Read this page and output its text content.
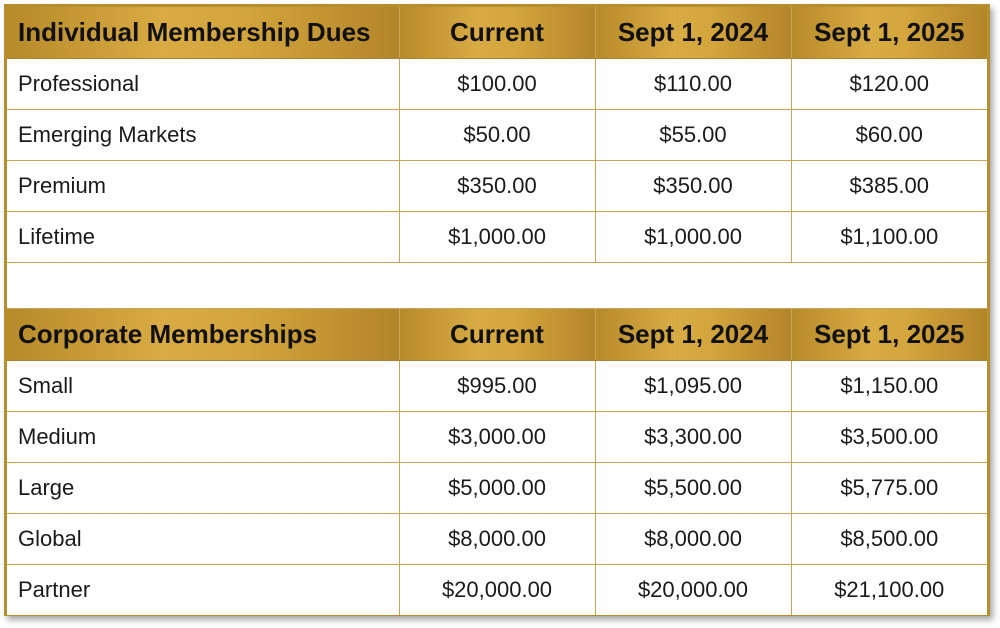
Individual Membership Dues	Current	Sept 1, 2024	Sept 1, 2025
Professional	$100.00	$110.00	$120.00
Emerging Markets	$50.00	$55.00	$60.00
Premium	$350.00	$350.00	$385.00
Lifetime	$1,000.00	$1,000.00	$1,100.00

Corporate Memberships	Current	Sept 1, 2024	Sept 1, 2025
Small	$995.00	$1,095.00	$1,150.00
Medium	$3,000.00	$3,300.00	$3,500.00
Large	$5,000.00	$5,500.00	$5,775.00
Global	$8,000.00	$8,000.00	$8,500.00
Partner	$20,000.00	$20,000.00	$21,100.00
